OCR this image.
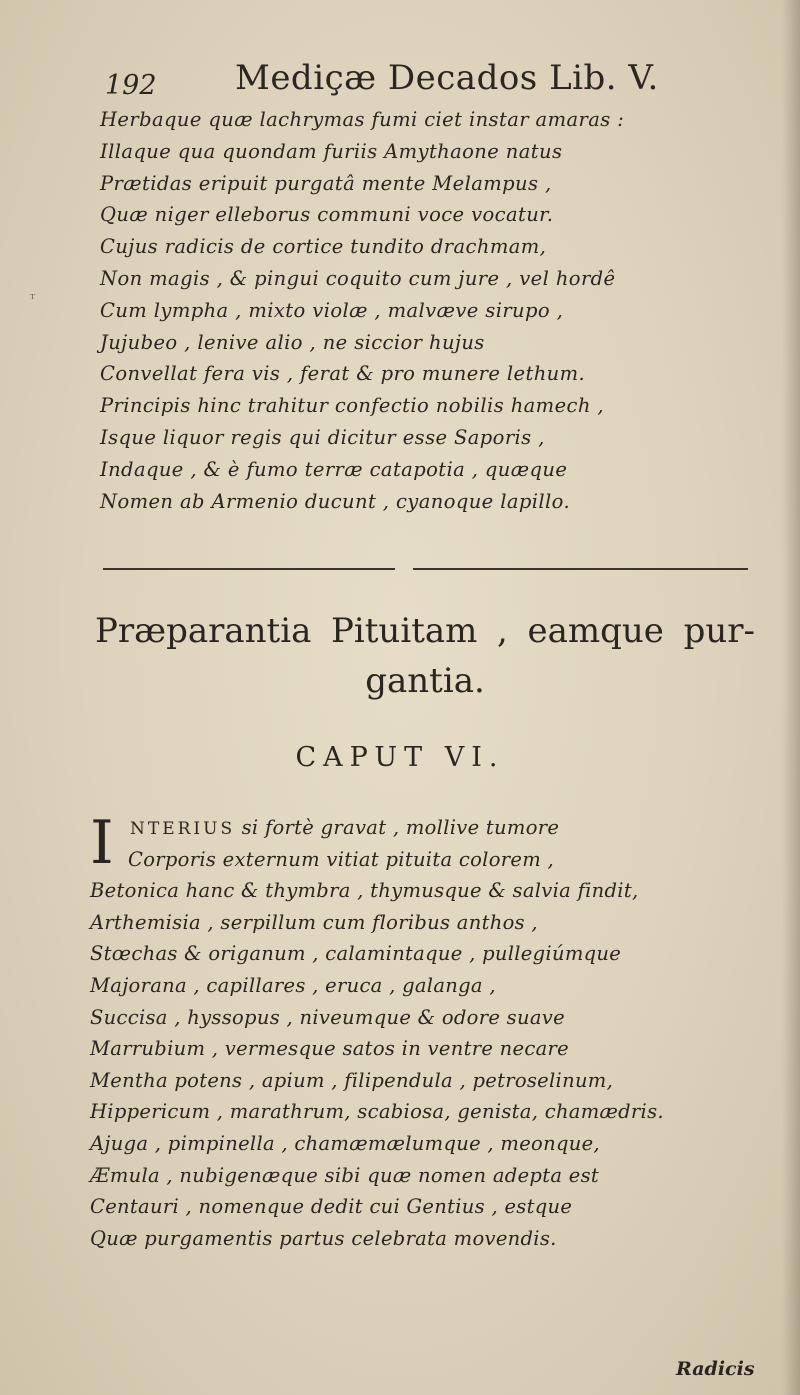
ᵀ
192 Mediçæ Decados Lib. V.
Herbaque quæ lachrymas fumi ciet instar amaras :
Illaque qua quondam furiis Amythaone natus
Prætidas eripuit purgatâ mente Melampus ,
Quæ niger elleborus communi voce vocatur.
Cujus radicis de cortice tundito drachmam,
Non magis , & pingui coquito cum jure , vel hordê
Cum lympha , mixto violæ , malvæve sirupo ,
Jujubeo , lenive alio , ne siccior hujus
Convellat fera vis , ferat & pro munere lethum.
Principis hinc trahitur confectio nobilis hamech ,
Isque liquor regis qui dicitur esse Saporis ,
Indaque , & è fumo terræ catapotia , quæque
Nomen ab Armenio ducunt , cyanoque lapillo.
Præparantia Pituitam , eamque pur-
gantia.
CAPUT VI.
I NTERIUS si fortè gravat , mollive tumore
Corporis externum vitiat pituita colorem ,
Betonica hanc & thymbra , thymusque & salvia findit,
Arthemisia , serpillum cum floribus anthos ,
Stœchas & origanum , calamintaque , pullegiúmque
Majorana , capillares , eruca , galanga ,
Succisa , hyssopus , niveumque & odore suave
Marrubium , vermesque satos in ventre necare
Mentha potens , apium , filipendula , petroselinum,
Hippericum , marathrum, scabiosa, genista, chamædris.
Ajuga , pimpinella , chamæmælumque , meonque,
Æmula , nubigenæque sibi quæ nomen adepta est
Centauri , nomenque dedit cui Gentius , estque
Quæ purgamentis partus celebrata movendis.
Radicis
